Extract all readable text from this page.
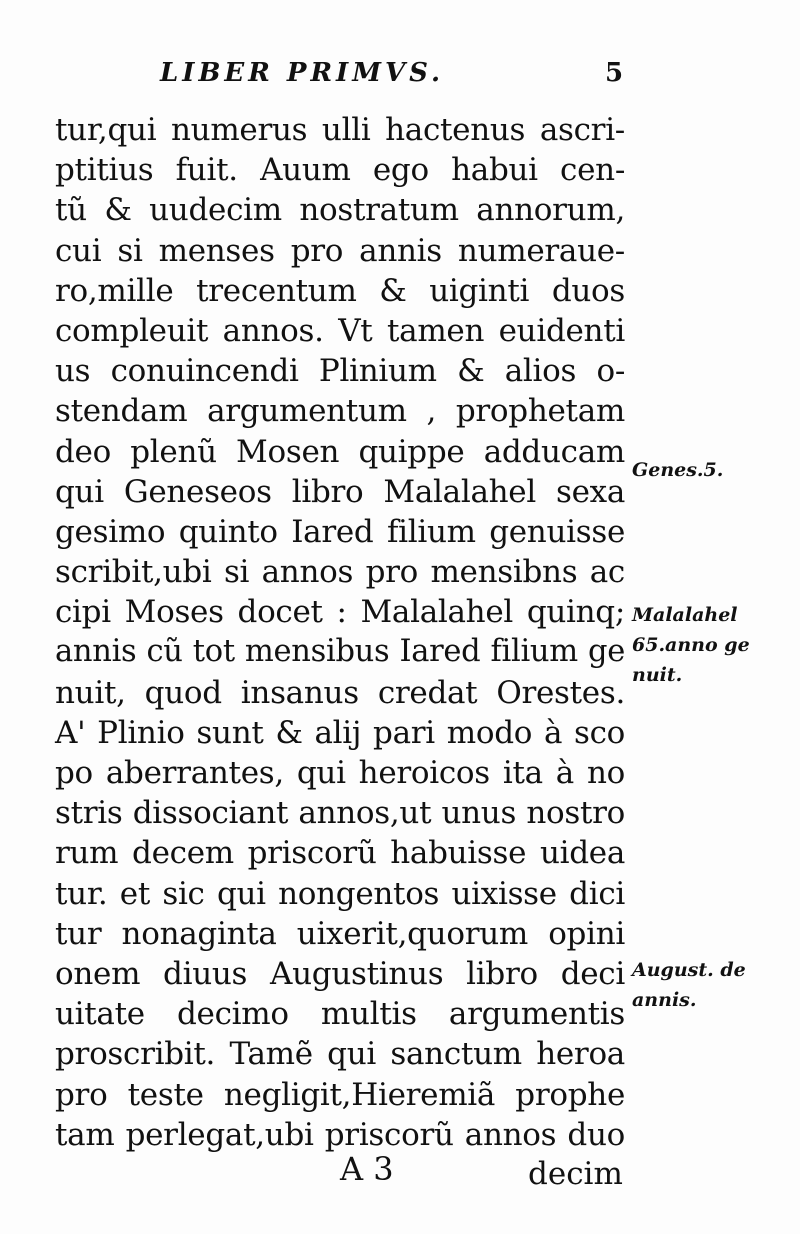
LIBER PRIMVS.	5
tur,qui numerus ulli hactenus ascri-
ptitius fuit. Auum ego habui cen-
tũ & uudecim nostratum annorum,
cui si menses pro annis numeraue-
ro,mille trecentum & uiginti duos
compleuit annos. Vt tamen euidenti
us conuincendi Plinium & alios o-
stendam argumentum , prophetam
deo plenũ Mosen quippe adducam
qui Geneseos libro Malalahel sexa
gesimo quinto Iared filium genuisse
scribit,ubi si annos pro mensibns ac
cipi Moses docet : Malalahel quinq;
annis cũ tot mensibus Iared filium ge
nuit, quod insanus credat Orestes.
A' Plinio sunt & alij pari modo à sco
po aberrantes, qui heroicos ita à no
stris dissociant annos,ut unus nostro
rum decem priscorũ habuisse uidea
tur. et sic qui nongentos uixisse dici
tur nonaginta uixerit,quorum opini
onem diuus Augustinus libro deci
uitate decimo multis argumentis
proscribit. Tamẽ qui sanctum heroa
pro teste negligit,Hieremiã prophe
tam perlegat,ubi priscorũ annos duo
Genes.5.
Malalahel 65.anno ge nuit.
August. de annis.
A 3	decim
